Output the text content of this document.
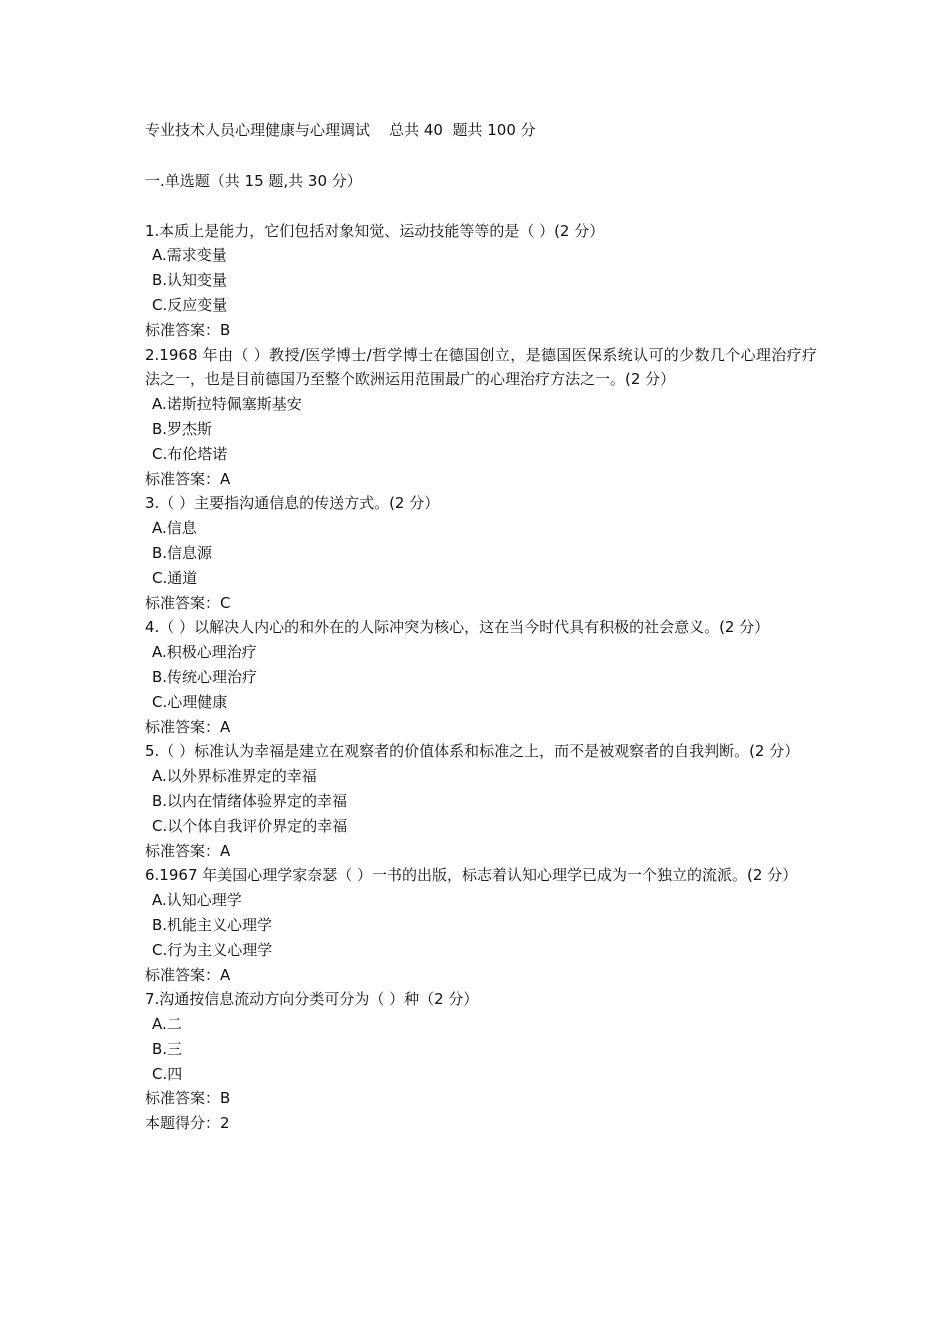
专业技术人员心理健康与心理调试    总共 40  题共 100 分
一.单选题（共 15 题,共 30 分）

1.本质上是能力，它们包括对象知觉、运动技能等等的是（ ）(2 分）

A.需求变量

B.认知变量

C.反应变量

标准答案：B

2.1968 年由（ ）教授/医学博士/哲学博士在德国创立，是德国医保系统认可的少数几个心理治疗疗法之一，也是目前德国乃至整个欧洲运用范围最广的心理治疗方法之一。(2 分）

A.诺斯拉特佩塞斯基安

B.罗杰斯

C.布伦塔诺

标准答案：A

3.（ ）主要指沟通信息的传送方式。(2 分）

A.信息

B.信息源

C.通道

标准答案：C

4.（ ）以解决人内心的和外在的人际冲突为核心，这在当今时代具有积极的社会意义。(2 分）

A.积极心理治疗

B.传统心理治疗

C.心理健康

标准答案：A

5.（ ）标准认为幸福是建立在观察者的价值体系和标准之上，而不是被观察者的自我判断。(2 分）

A.以外界标准界定的幸福

B.以内在情绪体验界定的幸福

C.以个体自我评价界定的幸福

标准答案：A

6.1967 年美国心理学家奈瑟（ ）一书的出版，标志着认知心理学已成为一个独立的流派。(2 分）

A.认知心理学

B.机能主义心理学

C.行为主义心理学

标准答案：A

7.沟通按信息流动方向分类可分为（ ）种（2 分）

A.二

B.三

C.四

标准答案：B

本题得分：2
